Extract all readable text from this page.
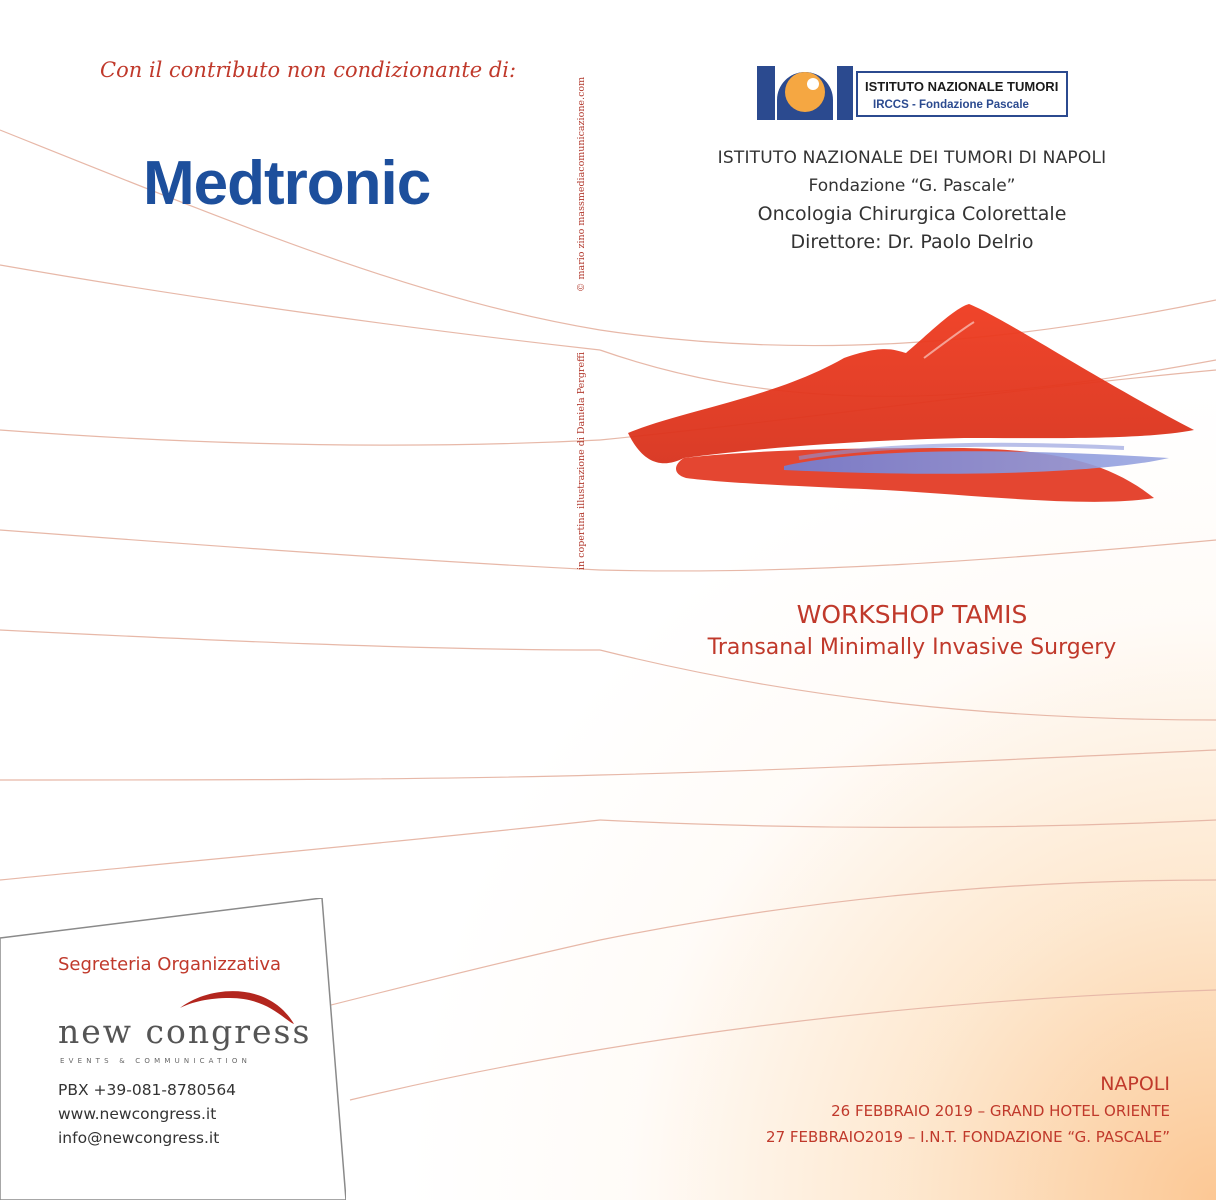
Con il contributo non condizionante di:
Medtronic	© mario zino massmediacomunicazione.com
in copertina illustrazione di Daniela Pergreffi
ISTITUTO NAZIONALE TUMORI
IRCCS - Fondazione Pascale
ISTITUTO NAZIONALE DEI TUMORI DI NAPOLI
Fondazione “G. Pascale”
Oncologia Chirurgica Colorettale
Direttore: Dr. Paolo Delrio
WORKSHOP TAMIS
Transanal Minimally Invasive Surgery
NAPOLI
26 FEBBRAIO 2019 – GRAND HOTEL ORIENTE
27 FEBBRAIO2019 – I.N.T. FONDAZIONE “G. PASCALE”
Segreteria Organizzativa
new congress
EVENTS & COMMUNICATION
PBX +39-081-8780564
www.newcongress.it
info@newcongress.it
